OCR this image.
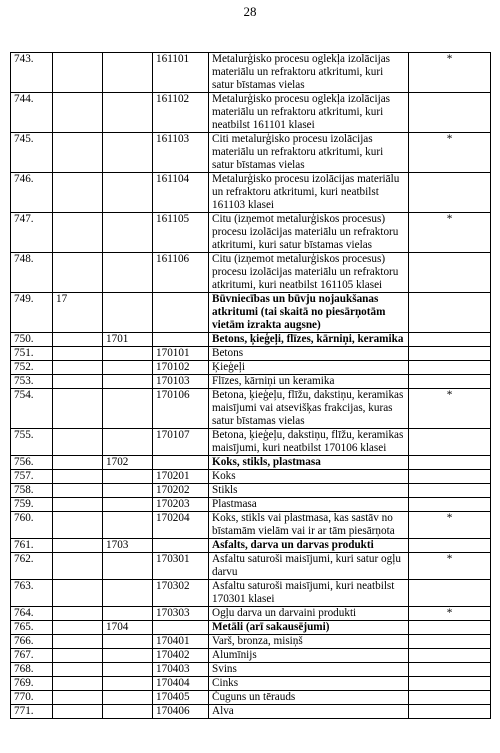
28
743.			161101	Metalurģisko procesu oglekļa izolācijas materiālu un refraktoru atkritumi, kuri satur bīstamas vielas	*
744.			161102	Metalurģisko procesu oglekļa izolācijas materiālu un refraktoru atkritumi, kuri neatbilst 161101 klasei	
745.			161103	Citi metalurģisko procesu izolācijas materiālu un refraktoru atkritumi, kuri satur bīstamas vielas	*
746.			161104	Metalurģisko procesu izolācijas materiālu un refraktoru atkritumi, kuri neatbilst 161103 klasei	
747.			161105	Citu (izņemot metalurģiskos procesus) procesu izolācijas materiālu un refraktoru atkritumi, kuri satur bīstamas vielas	*
748.			161106	Citu (izņemot metalurģiskos procesus) procesu izolācijas materiālu un refraktoru atkritumi, kuri neatbilst 161105 klasei	
749.	17			Būvniecības un būvju nojaukšanas atkritumi (tai skaitā no piesārņotām vietām izrakta augsne)	
750.		1701		Betons, ķieģeļi, flīzes, kārniņi, keramika	
751.			170101	Betons	
752.			170102	Ķieģeļi	
753.			170103	Flīzes, kārniņi un keramika	
754.			170106	Betona, ķieģeļu, flīžu, dakstiņu, keramikas maisījumi vai atsevišķas frakcijas, kuras satur bīstamas vielas	*
755.			170107	Betona, ķieģeļu, dakstiņu, flīžu, keramikas maisījumi, kuri neatbilst 170106 klasei	
756.		1702		Koks, stikls, plastmasa	
757.			170201	Koks	
758.			170202	Stikls	
759.			170203	Plastmasa	
760.			170204	Koks, stikls vai plastmasa, kas sastāv no bīstamām vielām vai ir ar tām piesārņota	*
761.		1703		Asfalts, darva un darvas produkti	
762.			170301	Asfaltu saturoši maisījumi, kuri satur ogļu darvu	*
763.			170302	Asfaltu saturoši maisījumi, kuri neatbilst 170301 klasei	
764.			170303	Ogļu darva un darvaini produkti	*
765.		1704		Metāli (arī sakausējumi)	
766.			170401	Varš, bronza, misiņš	
767.			170402	Alumīnijs	
768.			170403	Svins	
769.			170404	Cinks	
770.			170405	Čuguns un tērauds	
771.			170406	Alva	
